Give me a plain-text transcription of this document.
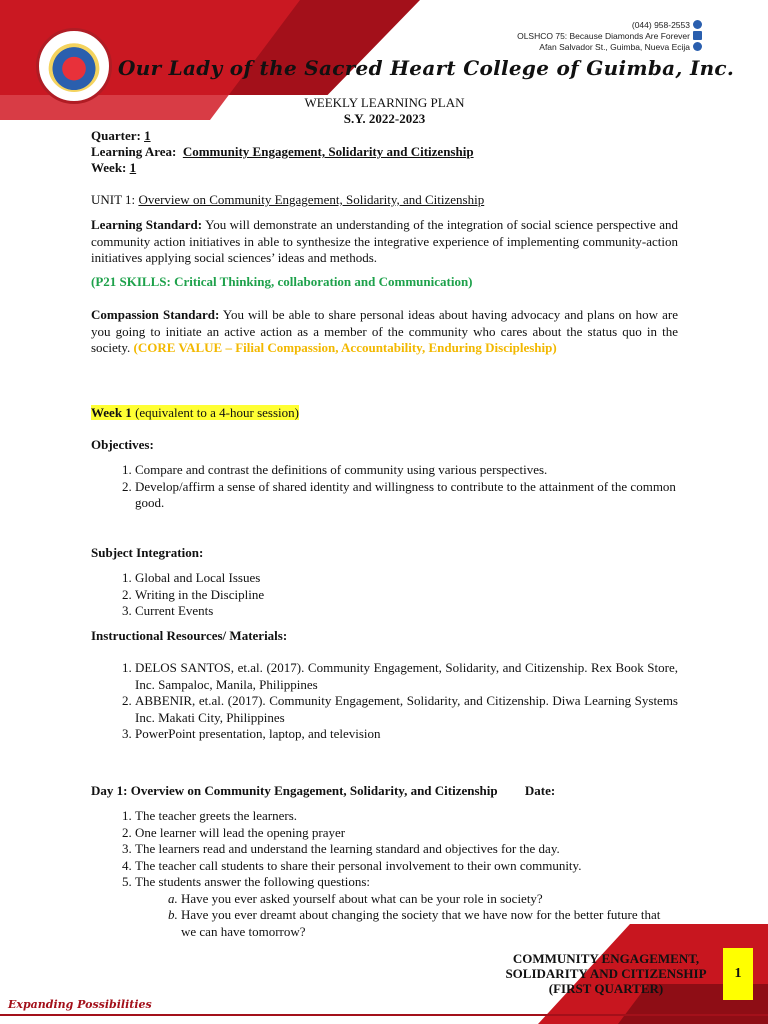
Our Lady of the Sacred Heart College of Guimba, Inc.
(044) 958-2553
OLSHCO 75: Because Diamonds Are Forever
Afan Salvador St., Guimba, Nueva Ecija
WEEKLY LEARNING PLAN
S.Y. 2022-2023
Quarter: 1
Learning Area: Community Engagement, Solidarity and Citizenship
Week: 1
UNIT 1: Overview on Community Engagement, Solidarity, and Citizenship
Learning Standard: You will demonstrate an understanding of the integration of social science perspective and community action initiatives in able to synthesize the integrative experience of implementing community-action initiatives applying social sciences’ ideas and methods.
(P21 SKILLS: Critical Thinking, collaboration and Communication)
Compassion Standard: You will be able to share personal ideas about having advocacy and plans on how are you going to initiate an active action as a member of the community who cares about the status quo in the society. (CORE VALUE – Filial Compassion, Accountability, Enduring Discipleship)
Week 1 (equivalent to a 4-hour session)
Objectives:
1. Compare and contrast the definitions of community using various perspectives.
2. Develop/affirm a sense of shared identity and willingness to contribute to the attainment of the common good.
Subject Integration:
1. Global and Local Issues
2. Writing in the Discipline
3. Current Events
Instructional Resources/ Materials:
1. DELOS SANTOS, et.al. (2017). Community Engagement, Solidarity, and Citizenship. Rex Book Store, Inc. Sampaloc, Manila, Philippines
2. ABBENIR, et.al. (2017). Community Engagement, Solidarity, and Citizenship. Diwa Learning Systems Inc. Makati City, Philippines
3. PowerPoint presentation, laptop, and television
Day 1: Overview on Community Engagement, Solidarity, and Citizenship Date:
1. The teacher greets the learners.
2. One learner will lead the opening prayer
3. The learners read and understand the learning standard and objectives for the day.
4. The teacher call students to share their personal involvement to their own community.
5. The students answer the following questions:
a. Have you ever asked yourself about what can be your role in society?
b. Have you ever dreamt about changing the society that we have now for the better future that we can have tomorrow?
COMMUNITY ENGAGEMENT,
SOLIDARITY AND CITIZENSHIP
(FIRST QUARTER)
1
Expanding Possibilities
